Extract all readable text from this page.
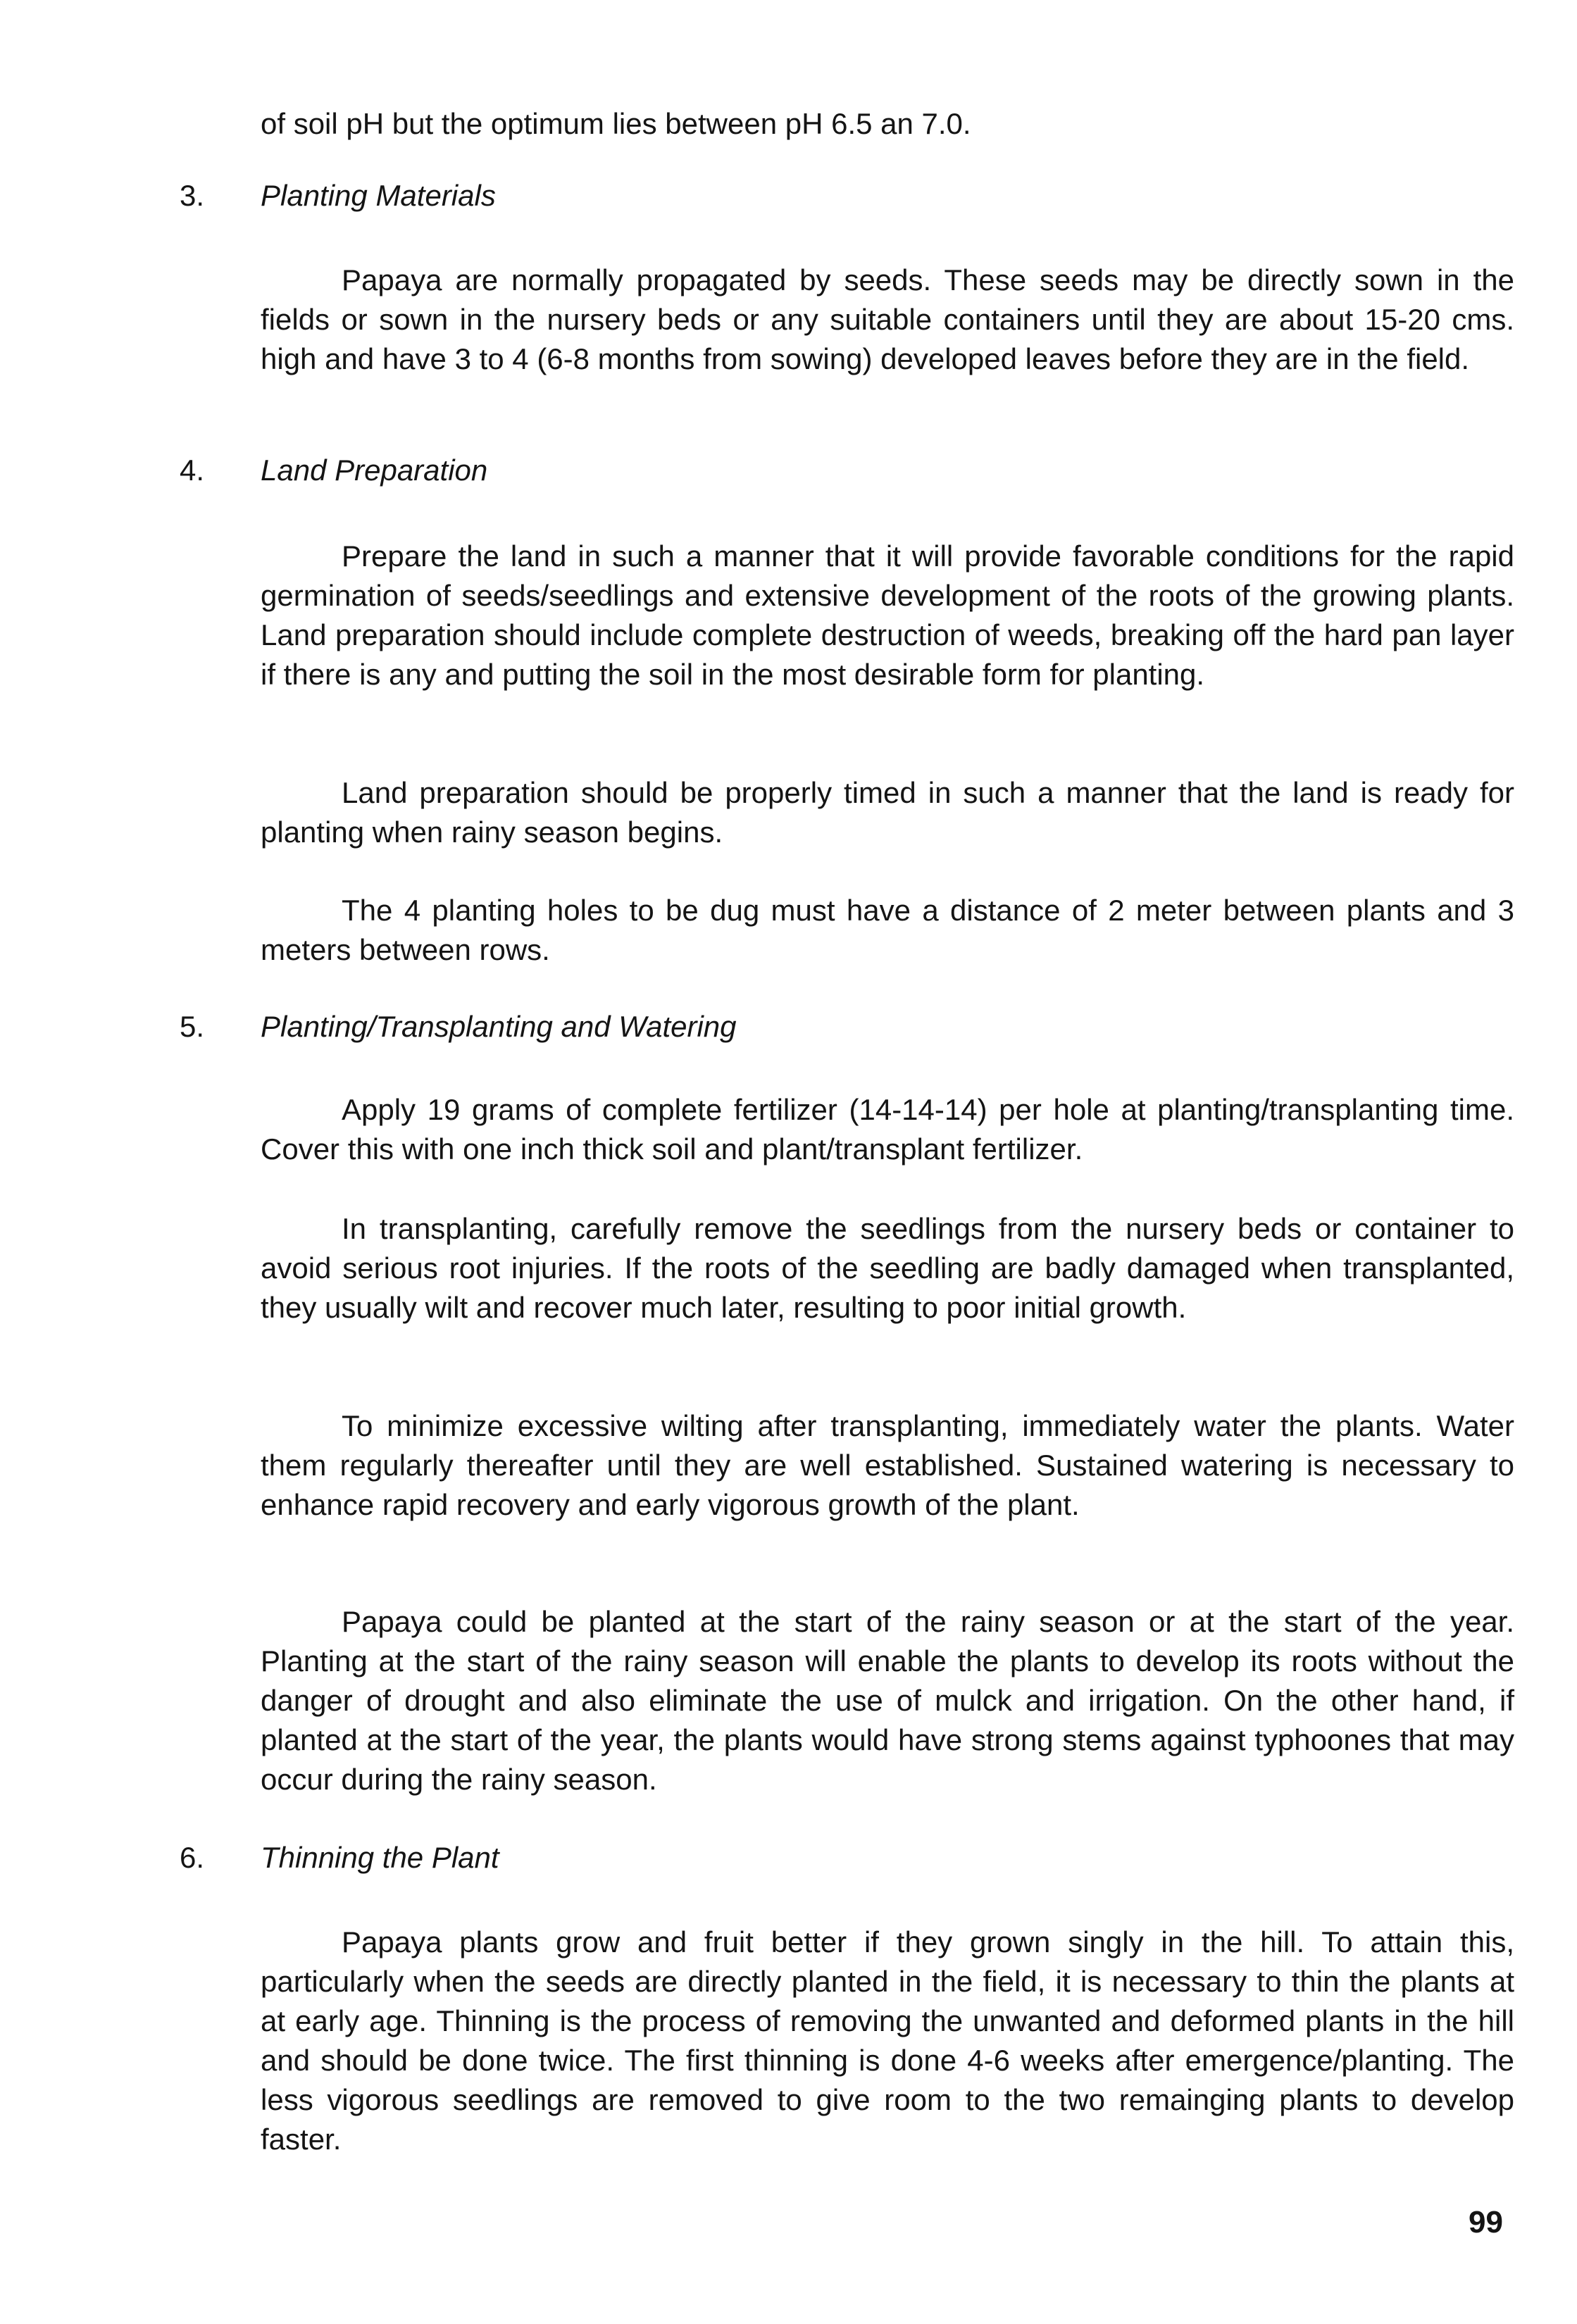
of soil pH but the optimum lies between pH 6.5 an 7.0.

3.	Planting Materials

Papaya are normally propagated by seeds. These seeds may be directly sown in the fields or sown in the nursery beds or any suitable containers until they are about 15-20 cms. high and have 3 to 4 (6-8 months from sowing) developed leaves before they are in the field.

4.	Land Preparation

Prepare the land in such a manner that it will provide favorable conditions for the rapid germination of seeds/seedlings and extensive development of the roots of the growing plants. Land preparation should include complete destruction of weeds, breaking off the hard pan layer if there is any and putting the soil in the most desirable form for planting.

Land preparation should be properly timed in such a manner that the land is ready for planting when rainy season begins.

The 4 planting holes to be dug must have a distance of 2 meter between plants and 3 meters between rows.

5.	Planting/Transplanting and Watering

Apply 19 grams of complete fertilizer (14-14-14) per hole at planting/transplanting time. Cover this with one inch thick soil and plant/transplant fertilizer.

In transplanting, carefully remove the seedlings from the nursery beds or container to avoid serious root injuries. If the roots of the seedling are badly damaged when transplanted, they usually wilt and recover much later, resulting to poor initial growth.

To minimize excessive wilting after transplanting, immediately water the plants. Water them regularly thereafter until they are well established. Sustained watering is necessary to enhance rapid recovery and early vigorous growth of the plant.

Papaya could be planted at the start of the rainy season or at the start of the year. Planting at the start of the rainy season will enable the plants to develop its roots without the danger of drought and also eliminate the use of mulck and irrigation. On the other hand, if planted at the start of the year, the plants would have strong stems against typhoones that may occur during the rainy season.

6.	Thinning the Plant

Papaya plants grow and fruit better if they grown singly in the hill. To attain this, particularly when the seeds are directly planted in the field, it is necessary to thin the plants at at early age. Thinning is the process of removing the unwanted and deformed plants in the hill and should be done twice. The first thinning is done 4-6 weeks after emergence/planting. The less vigorous seedlings are removed to give room to the two remainging plants to develop faster.

99
